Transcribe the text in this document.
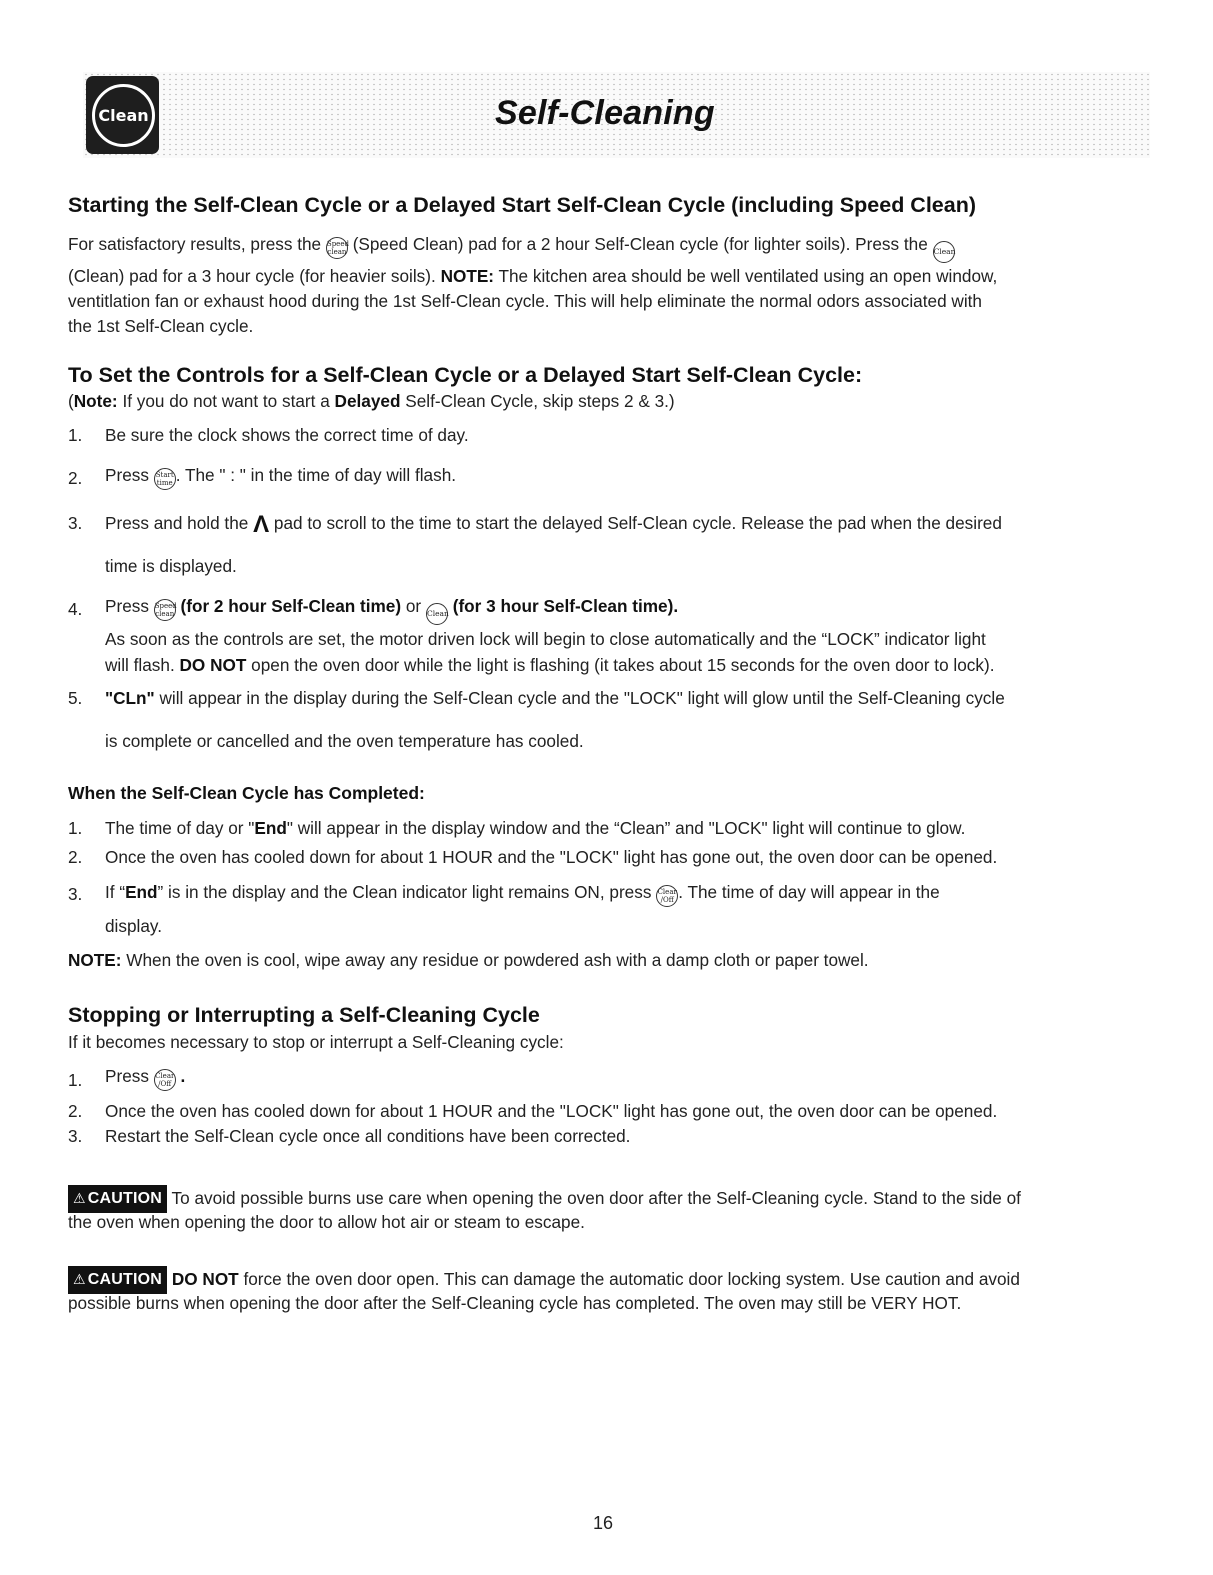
Clean	Self-Cleaning
Starting the Self-Clean Cycle or a Delayed Start Self-Clean Cycle (including Speed Clean)
For satisfactory results, press the Speed
clean (Speed Clean) pad for a 2 hour Self-Clean cycle (for lighter soils). Press the Clean
(Clean) pad for a 3 hour cycle (for heavier soils). NOTE: The kitchen area should be well ventilated using an open window,
ventitlation fan or exhaust hood during the 1st Self-Clean cycle. This will help eliminate the normal odors associated with
the 1st Self-Clean cycle.
To Set the Controls for a Self-Clean Cycle or a Delayed Start Self-Clean Cycle:
(Note: If you do not want to start a Delayed Self-Clean Cycle, skip steps 2 & 3.)
1. Be sure the clock shows the correct time of day.
2. Press Start
time . The " : " in the time of day will flash.
3. Press and hold the Λ pad to scroll to the time to start the delayed Self-Clean cycle. Release the pad when the desired
time is displayed.
4. Press Speed
clean (for 2 hour Self-Clean time) or Clean (for 3 hour Self-Clean time).
As soon as the controls are set, the motor driven lock will begin to close automatically and the “LOCK” indicator light
will flash. DO NOT open the oven door while the light is flashing (it takes about 15 seconds for the oven door to lock).
5. "CLn" will appear in the display during the Self-Clean cycle and the "LOCK" light will glow until the Self-Cleaning cycle
is complete or cancelled and the oven temperature has cooled.
When the Self-Clean Cycle has Completed:
1. The time of day or "End" will appear in the display window and the “Clean” and "LOCK" light will continue to glow.
2. Once the oven has cooled down for about 1 HOUR and the "LOCK" light has gone out, the oven door can be opened.
3. If “End” is in the display and the Clean indicator light remains ON, press Clear
/Off . The time of day will appear in the
display.
NOTE: When the oven is cool, wipe away any residue or powdered ash with a damp cloth or paper towel.
Stopping or Interrupting a Self-Cleaning Cycle
If it becomes necessary to stop or interrupt a Self-Cleaning cycle:
1. Press Clear
/Off .
2. Once the oven has cooled down for about 1 HOUR and the "LOCK" light has gone out, the oven door can be opened.
3. Restart the Self-Clean cycle once all conditions have been corrected.
⚠ CAUTION To avoid possible burns use care when opening the oven door after the Self-Cleaning cycle. Stand to the side of
the oven when opening the door to allow hot air or steam to escape.
⚠ CAUTION DO NOT force the oven door open. This can damage the automatic door locking system. Use caution and avoid
possible burns when opening the door after the Self-Cleaning cycle has completed. The oven may still be VERY HOT.
16
